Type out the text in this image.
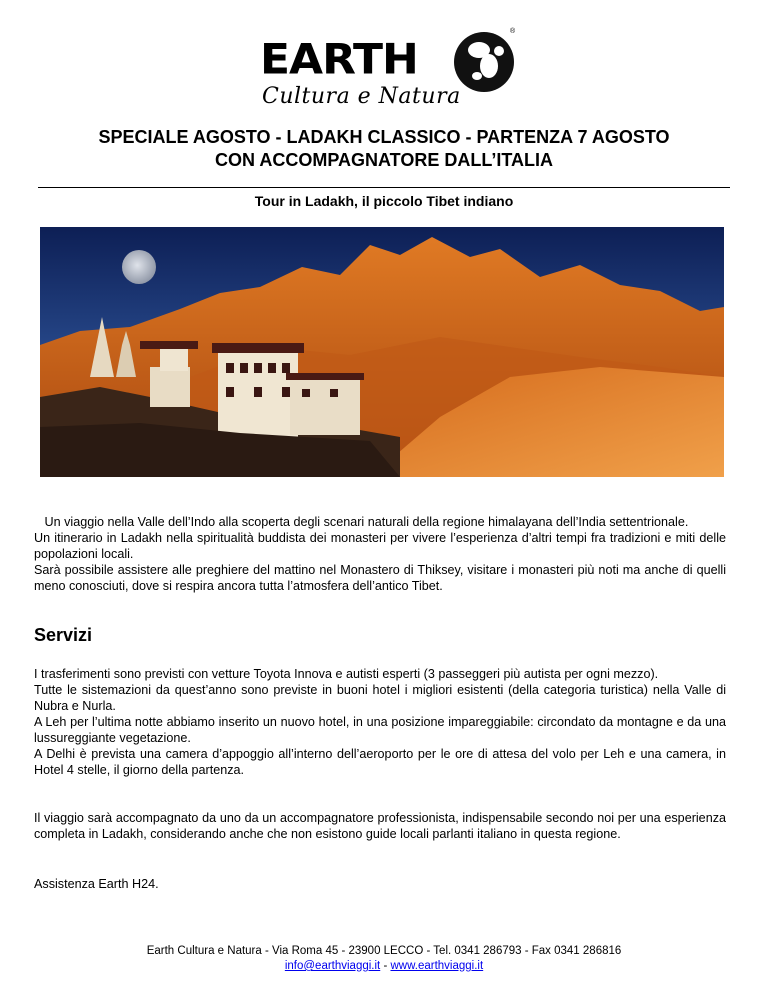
EARTH
®
Cultura e Natura
SPECIALE AGOSTO - LADAKH CLASSICO - PARTENZA 7 AGOSTO
CON ACCOMPAGNATORE DALL’ITALIA
Tour in Ladakh, il piccolo Tibet indiano

Un viaggio nella Valle dell’Indo alla scoperta degli scenari naturali della regione himalayana dell’India settentrionale.

Un itinerario in Ladakh nella spiritualità buddista dei monasteri per vivere l’esperienza d’altri tempi fra tradizioni e miti delle popolazioni locali.

Sarà possibile assistere alle preghiere del mattino nel Monastero di Thiksey, visitare i monasteri più noti ma anche di quelli meno conosciuti, dove si respira ancora tutta l’atmosfera dell’antico Tibet.

Servizi

I trasferimenti sono previsti con vetture Toyota Innova e autisti esperti (3 passeggeri più autista per ogni mezzo).

Tutte le sistemazioni da quest’anno sono previste in buoni hotel i migliori esistenti (della categoria turistica) nella Valle di Nubra e Nurla.

A Leh per l’ultima notte abbiamo inserito un nuovo hotel, in una posizione impareggiabile: circondato da montagne e da una lussureggiante vegetazione.

A Delhi è prevista una camera d’appoggio all’interno dell’aeroporto per le ore di attesa del volo per Leh e una camera, in Hotel 4 stelle, il giorno della partenza.

Il viaggio sarà accompagnato da uno da un accompagnatore professionista, indispensabile secondo noi per una esperienza completa in Ladakh, considerando anche che non esistono guide locali parlanti italiano in questa regione.
Assistenza Earth H24.
Earth Cultura e Natura - Via Roma 45 - 23900 LECCO - Tel. 0341 286793 - Fax 0341 286816
info@earthviaggi.it - www.earthviaggi.it
